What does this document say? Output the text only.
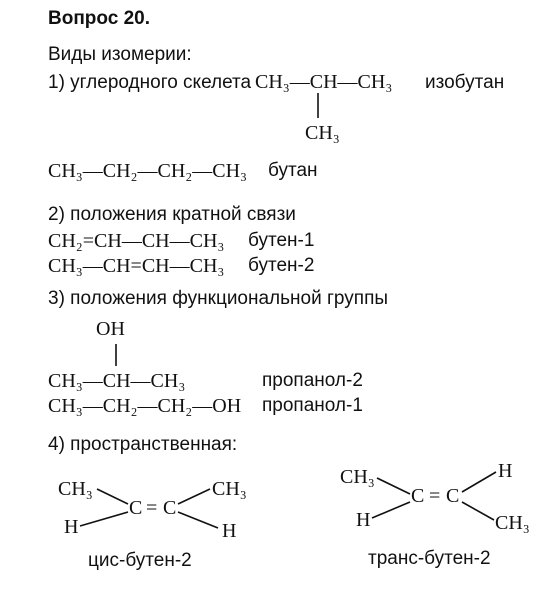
Вопрос 20.
Виды изомерии:
1) углеродного скелета CH₃—CH—CH₃ изобутан
CH₃
CH₃—CH₂—CH₂—CH₃ бутан
2) положения кратной связи
CH₂=CH—CH—CH₃ бутен-1
CH₃—CH=CH—CH₃ бутен-2
3) положения функциональной группы
OH
CH₃—CH—CH₃	пропанол-2
CH₃—CH₂—CH₂—OH пропанол-1
4) пространственная:
CH₃	CH₃
C = C
H	H
цис-бутен-2
CH₃	H
C = C
H	CH₃
транс-бутен-2
